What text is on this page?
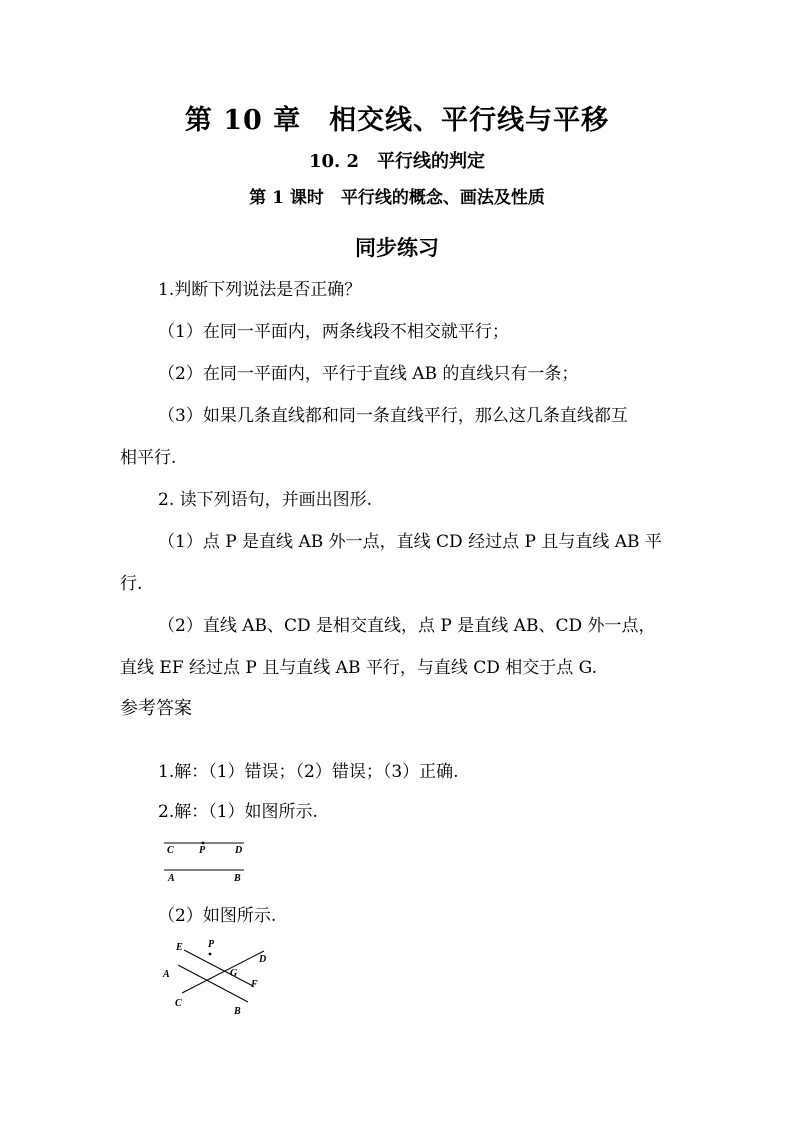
第 10 章　相交线、平行线与平移
10. 2　平行线的判定
第 1 课时　平行线的概念、画法及性质
同步练习
1.判断下列说法是否正确？
（1）在同一平面内，两条线段不相交就平行；
（2）在同一平面内，平行于直线 AB 的直线只有一条；
（3）如果几条直线都和同一条直线平行，那么这几条直线都互
相平行.
2. 读下列语句，并画出图形.
（1）点 P 是直线 AB 外一点，直线 CD 经过点 P 且与直线 AB 平
行.
（2）直线 AB、CD 是相交直线，点 P 是直线 AB、CD 外一点，
直线 EF 经过点 P 且与直线 AB 平行，与直线 CD 相交于点 G.
参考答案
1.解：（1）错误；（2）错误；（3）正确.
2.解：（1）如图所示.
C	P	D
A	B
（2）如图所示.
E	P
D
A	G
F
C
B
